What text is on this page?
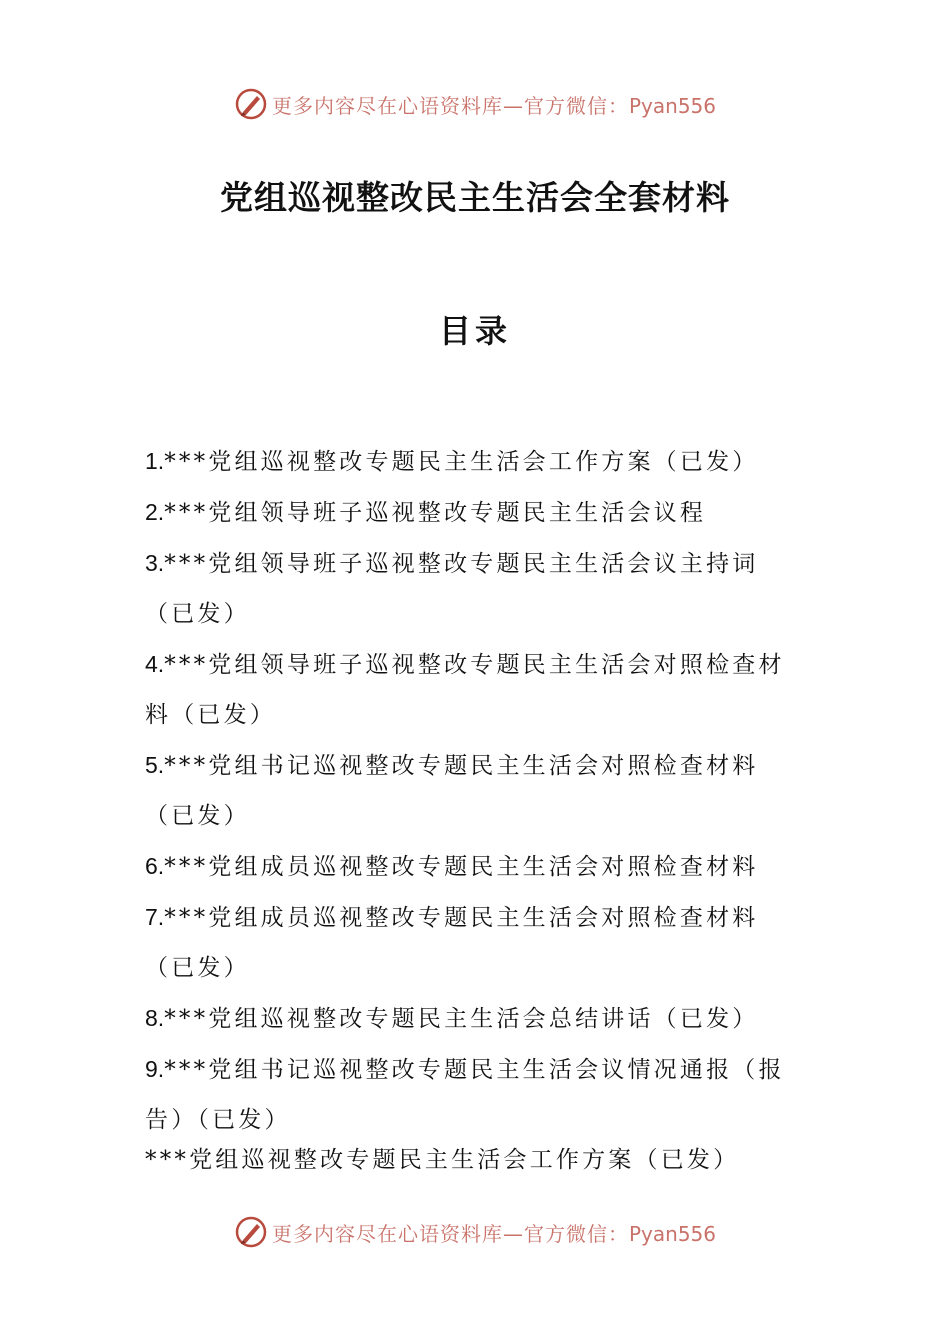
更多内容尽在心语资料库—官方微信：Pyan556
党组巡视整改民主生活会全套材料
目录
1.***党组巡视整改专题民主生活会工作方案（已发）
2.***党组领导班子巡视整改专题民主生活会议程
3.***党组领导班子巡视整改专题民主生活会议主持词（已发）
4.***党组领导班子巡视整改专题民主生活会对照检查材料（已发）
5.***党组书记巡视整改专题民主生活会对照检查材料（已发）
6.***党组成员巡视整改专题民主生活会对照检查材料
7.***党组成员巡视整改专题民主生活会对照检查材料（已发）
8.***党组巡视整改专题民主生活会总结讲话（已发）
9.***党组书记巡视整改专题民主生活会议情况通报（报告）（已发）

***党组巡视整改专题民主生活会工作方案（已发）

更多内容尽在心语资料库—官方微信：Pyan556
